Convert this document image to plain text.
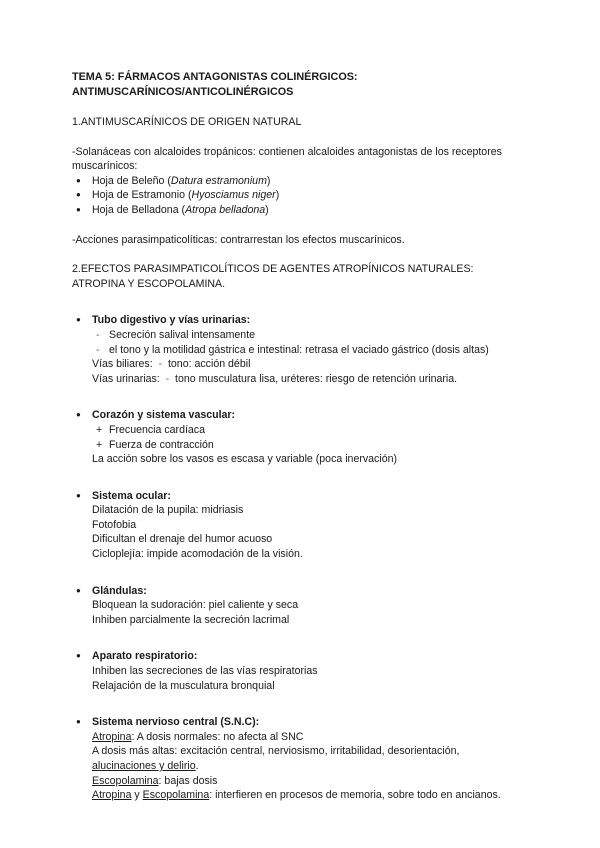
TEMA 5: FÁRMACOS ANTAGONISTAS COLINÉRGICOS:
ANTIMUSCARÍNICOS/ANTICOLINÉRGICOS
1.ANTIMUSCARÍNICOS DE ORIGEN NATURAL
-Solanáceas con alcaloides tropánicos: contienen alcaloides antagonistas de los receptores
muscarínicos:
● Hoja de Beleño (Datura estramonium)
● Hoja de Estramonio (Hyosciamus niger)
● Hoja de Belladona (Atropa belladona)
-Acciones parasimpaticolíticas: contrarrestan los efectos muscarínicos.
2.EFECTOS PARASIMPATICOLÍTICOS DE AGENTES ATROPÍNICOS NATURALES:
ATROPINA Y ESCOPOLAMINA.
● Tubo digestivo y vías urinarias:
- Secreción salival intensamente
- el tono y la motilidad gástrica e intestinal: retrasa el vaciado gástrico (dosis altas)
Vías biliares: - tono: acción débil
Vías urinarias: - tono musculatura lisa, uréteres: riesgo de retención urinaria.
● Corazón y sistema vascular:
+ Frecuencia cardíaca
+ Fuerza de contracción
La acción sobre los vasos es escasa y variable (poca inervación)
● Sistema ocular:
Dilatación de la pupila: midriasis
Fotofobia
Dificultan el drenaje del humor acuoso
Cicloplejía: impide acomodación de la visión.
● Glándulas:
Bloquean la sudoración: piel caliente y seca
Inhiben parcialmente la secreción lacrimal
● Aparato respiratorio:
Inhiben las secreciones de las vías respiratorias
Relajación de la musculatura bronquial
● Sistema nervioso central (S.N.C):
Atropina: A dosis normales: no afecta al SNC
A dosis más altas: excitación central, nerviosismo, irritabilidad, desorientación,
alucinaciones y delirio.
Escopolamina: bajas dosis
Atropina y Escopolamina: interfieren en procesos de memoria, sobre todo en ancianos.
